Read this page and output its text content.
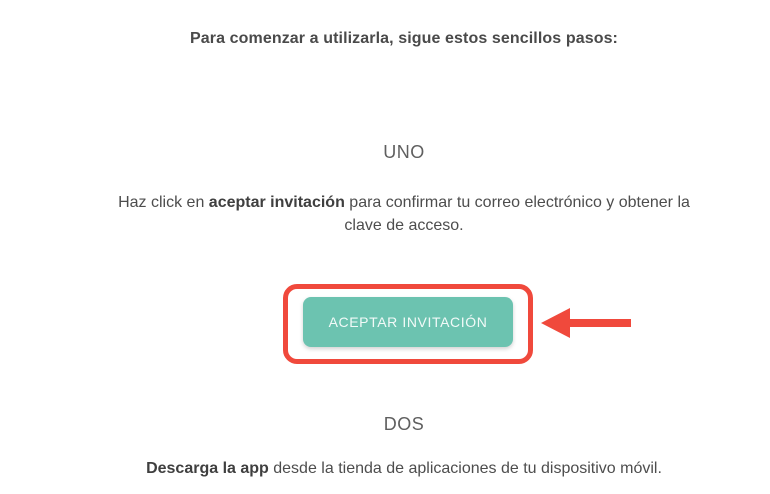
Para comenzar a utilizarla, sigue estos sencillos pasos:
UNO
Haz click en aceptar invitación para confirmar tu correo electrónico y obtener la
clave de acceso.
ACEPTAR INVITACIÓN
DOS
Descarga la app desde la tienda de aplicaciones de tu dispositivo móvil.
